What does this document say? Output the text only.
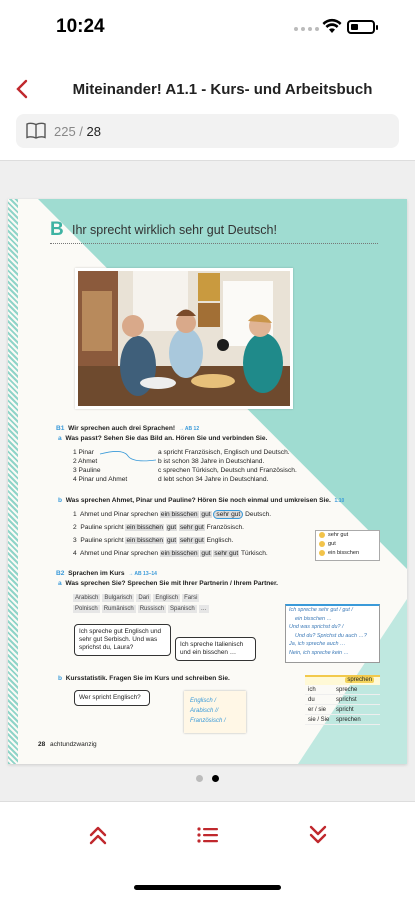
10:24
Miteinander! A1.1 - Kurs- und Arbeitsbuch
225 / 28
B Ihr sprecht wirklich sehr gut Deutsch!
B1 Wir sprechen auch drei Sprachen! → AB 12
a Was passt? Sehen Sie das Bild an. Hören Sie und verbinden Sie.
1 Pinar
2 Ahmet
3 Pauline
4 Pinar und Ahmet
a spricht Französisch, Englisch und Deutsch.
b ist schon 38 Jahre in Deutschland.
c sprechen Türkisch, Deutsch und Französisch.
d lebt schon 34 Jahre in Deutschland.
b Was sprechen Ahmet, Pinar und Pauline? Hören Sie noch einmal und umkreisen Sie. 1.10
1 Ahmet und Pinar sprechen ein bisschen gut sehr gut Deutsch.
2 Pauline spricht ein bisschen gut sehr gut Französisch.
3 Pauline spricht ein bisschen gut sehr gut Englisch.
4 Ahmet und Pinar sprechen ein bisschen gut sehr gut Türkisch.
sehr gut
gut
ein bisschen
B2 Sprachen im Kurs → AB 13–14
a Was sprechen Sie? Sprechen Sie mit Ihrer Partnerin / Ihrem Partner.
Arabisch Bulgarisch Dari Englisch Farsi
Polnisch Rumänisch Russisch Spanisch …	Ich spreche sehr gut / gut /
ein bisschen …
Und was sprichst du? /
Und du? Sprichst du auch …?
Ja, ich spreche auch …
Nein, ich spreche kein …
Ich spreche gut Englisch und sehr gut Serbisch. Und was sprichst du, Laura?	Ich spreche Italienisch und ein bisschen …
b Kursstatistik. Fragen Sie im Kurs und schreiben Sie.
Wer spricht Englisch?	Englisch /
Arabisch //
Französisch /
sprechen
ich	spreche
du	sprichst
er / sie	spricht
sie / Sie	sprechen
28 achtundzwanzig
